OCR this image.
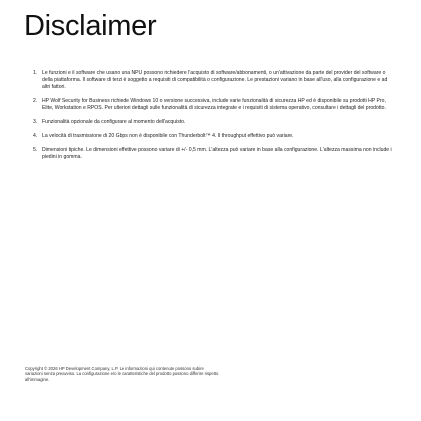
Disclaimer
1. Le funzioni e il software che usano una NPU possono richiedere l'acquisto di software/abbonamenti, o un'attivazione da parte del provider del software o della piattaforma. Il software di terzi è soggetto a requisiti di compatibilità o configurazione. Le prestazioni variano in base all'uso, alla configurazione e ad altri fattori.
2. HP Wolf Security for Business richiede Windows 10 o versione successiva, include varie funzionalità di sicurezza HP ed è disponibile su prodotti HP Pro, Elite, Workstation e RPOS. Per ulteriori dettagli sulle funzionalità di sicurezza integrate e i requisiti di sistema operativo, consultare i dettagli del prodotto.
3. Funzionalità opzionale da configurare al momento dell'acquisto.
4. La velocità di trasmissione di 20 Gbps non è disponibile con Thunderbolt™ 4. Il throughput effettivo può variare.
5. Dimensioni tipiche. Le dimensioni effettive possono variare di +/- 0,5 mm. L'altezza può variare in base alla configurazione. L'altezza massima non include i piedini in gomma.

Copyright © 2026 HP Development Company, L.P. Le informazioni qui contenute possono subire variazioni senza preavviso. La configurazione e/o le caratteristiche del prodotto possono differire rispetto all'immagine.
